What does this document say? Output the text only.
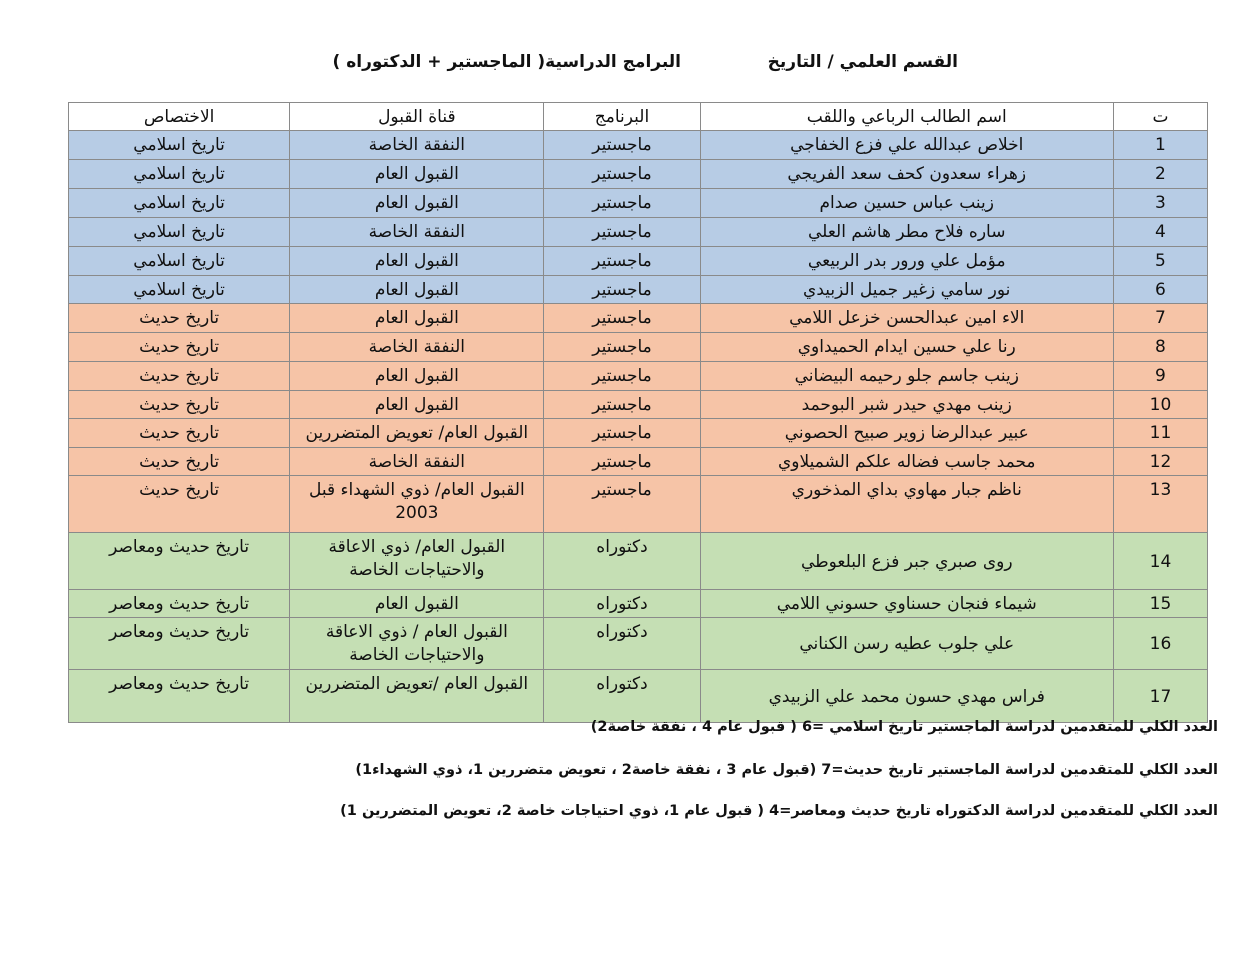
القسم العلمي / التاريخ
البرامج الدراسية( الماجستير + الدكتوراه )
ت	اسم الطالب الرباعي واللقب	البرنامج	قناة القبول	الاختصاص
1	اخلاص عبدالله علي فزع الخفاجي	ماجستير	النفقة الخاصة	تاريخ اسلامي
2	زهراء سعدون كحف سعد الفريجي	ماجستير	القبول العام	تاريخ اسلامي
3	زينب عباس حسين صدام	ماجستير	القبول العام	تاريخ اسلامي
4	ساره فلاح مطر هاشم العلي	ماجستير	النفقة الخاصة	تاريخ اسلامي
5	مؤمل علي ورور بدر الربيعي	ماجستير	القبول العام	تاريخ اسلامي
6	نور سامي زغير جميل الزبيدي	ماجستير	القبول العام	تاريخ اسلامي
7	الاء امين عبدالحسن خزعل اللامي	ماجستير	القبول العام	تاريخ حديث
8	رنا علي حسين ايدام الحميداوي	ماجستير	النفقة الخاصة	تاريخ حديث
9	زينب جاسم جلو رحيمه البيضاني	ماجستير	القبول العام	تاريخ حديث
10	زينب مهدي حيدر شبر البوحمد	ماجستير	القبول العام	تاريخ حديث
11	عبير عبدالرضا زوير صبيح الحصوني	ماجستير	القبول العام/ تعويض المتضررين	تاريخ حديث
12	محمد جاسب فضاله علكم الشميلاوي	ماجستير	النفقة الخاصة	تاريخ حديث
13	ناظم جبار مهاوي بداي المذخوري	ماجستير	القبول العام/ ذوي الشهداء قبل 2003	تاريخ حديث
14	روى صبري جبر فزع البلعوطي	دكتوراه	القبول العام/ ذوي الاعاقة والاحتياجات الخاصة	تاريخ حديث ومعاصر
15	شيماء فنجان حسناوي حسوني اللامي	دكتوراه	القبول العام	تاريخ حديث ومعاصر
16	علي جلوب عطيه رسن الكناني	دكتوراه	القبول العام / ذوي الاعاقة والاحتياجات الخاصة	تاريخ حديث ومعاصر
17	فراس مهدي حسون محمد علي الزبيدي	دكتوراه	القبول العام /تعويض المتضررين	تاريخ حديث ومعاصر
العدد الكلي للمتقدمين لدراسة الماجستير تاريخ اسلامي =6 ( قبول عام 4 ، نفقة خاصة2)
العدد الكلي للمتقدمين لدراسة الماجستير تاريخ حديث=7 (قبول عام 3 ، نفقة خاصة2 ، تعويض متضررين 1، ذوي الشهداء1)
العدد الكلي للمتقدمين لدراسة الدكتوراه تاريخ حديث ومعاصر=4 ( قبول عام 1، ذوي احتياجات خاصة 2، تعويض المتضررين 1)
